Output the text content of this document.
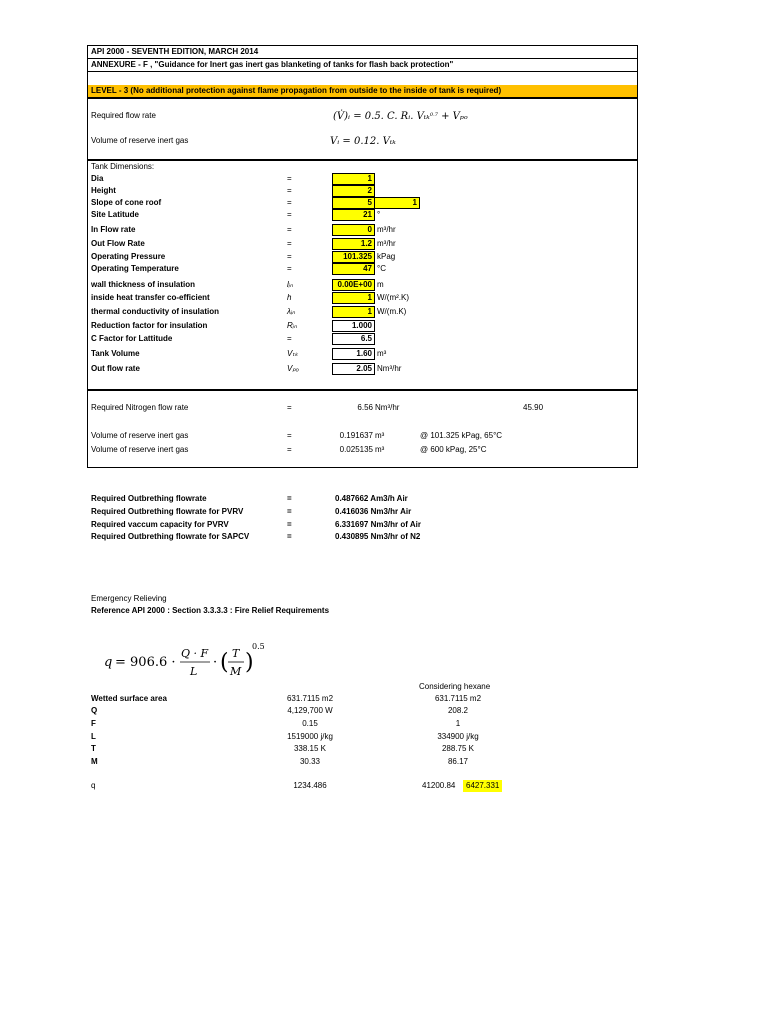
API 2000 - SEVENTH EDITION, MARCH 2014
ANNEXURE - F , "Guidance for Inert gas inert gas blanketing of tanks for flash back protection"
LEVEL - 3 (No additional protection against flame propagation from outside to the inside of tank is required)
Required flow rate	(V̇)ᵢ = 0.5. C. Rᵢ. Vₜₖ$^{0.7}$ + Vₚₒ
Volume of reserve inert gas	Vᵢ = 0.12. Vₜₖ
Tank Dimensions:
Dia	=	1
Height	=	2
Slope of cone roof	=	5	1
Site Latitude	=	21 °
In Flow rate	=	0 m³/hr
Out Flow Rate	=	1.2 m³/hr
Operating Pressure	=	101.325 kPag
Operating Temperature	=	47 °C
wall thickness of insulation	lᵢₙ	0.00E+00 m
inside heat transfer co-efficient	h	1 W/(m².K)
thermal conductivity of insulation	λᵢₙ	1 W/(m.K)
Reduction factor for insulation	Rᵢₙ	1.000
C Factor for Lattitude	=	6.5
Tank Volume	Vₜₖ	1.60 m³
Out flow rate	Vₚₒ	2.05 Nm³/hr
Required Nitrogen flow rate	=	6.56 Nm³/hr	45.90
Volume of reserve inert gas	=	0.191637 m³	@ 101.325 kPag, 65°C
Volume of reserve inert gas	=	0.025135 m³	@ 600 kPag, 25°C
Required Outbrething flowrate	=	0.487662 Am3/h Air
Required Outbrething flowrate for PVRV	=	0.416036 Nm3/hr Air
Required vaccum capacity for PVRV	=	6.331697 Nm3/hr of Air
Required Outbrething flowrate for SAPCV	=	0.430895 Nm3/hr of N2
Emergency Relieving
Reference API 2000 : Section 3.3.3.3 : Fire Relief Requirements
q = 906.6 ·
Q · F
L
· ( T
M )
0.5
Considering hexane
Wetted surface area	631.7115 m2	631.7115 m2
Q	4,129,700 W	208.2
F	0.15	1
L	1519000 j/kg	334900 j/kg
T	338.15 K	288.75 K
M	30.33	86.17
q	1234.486	41200.84	6427.331
